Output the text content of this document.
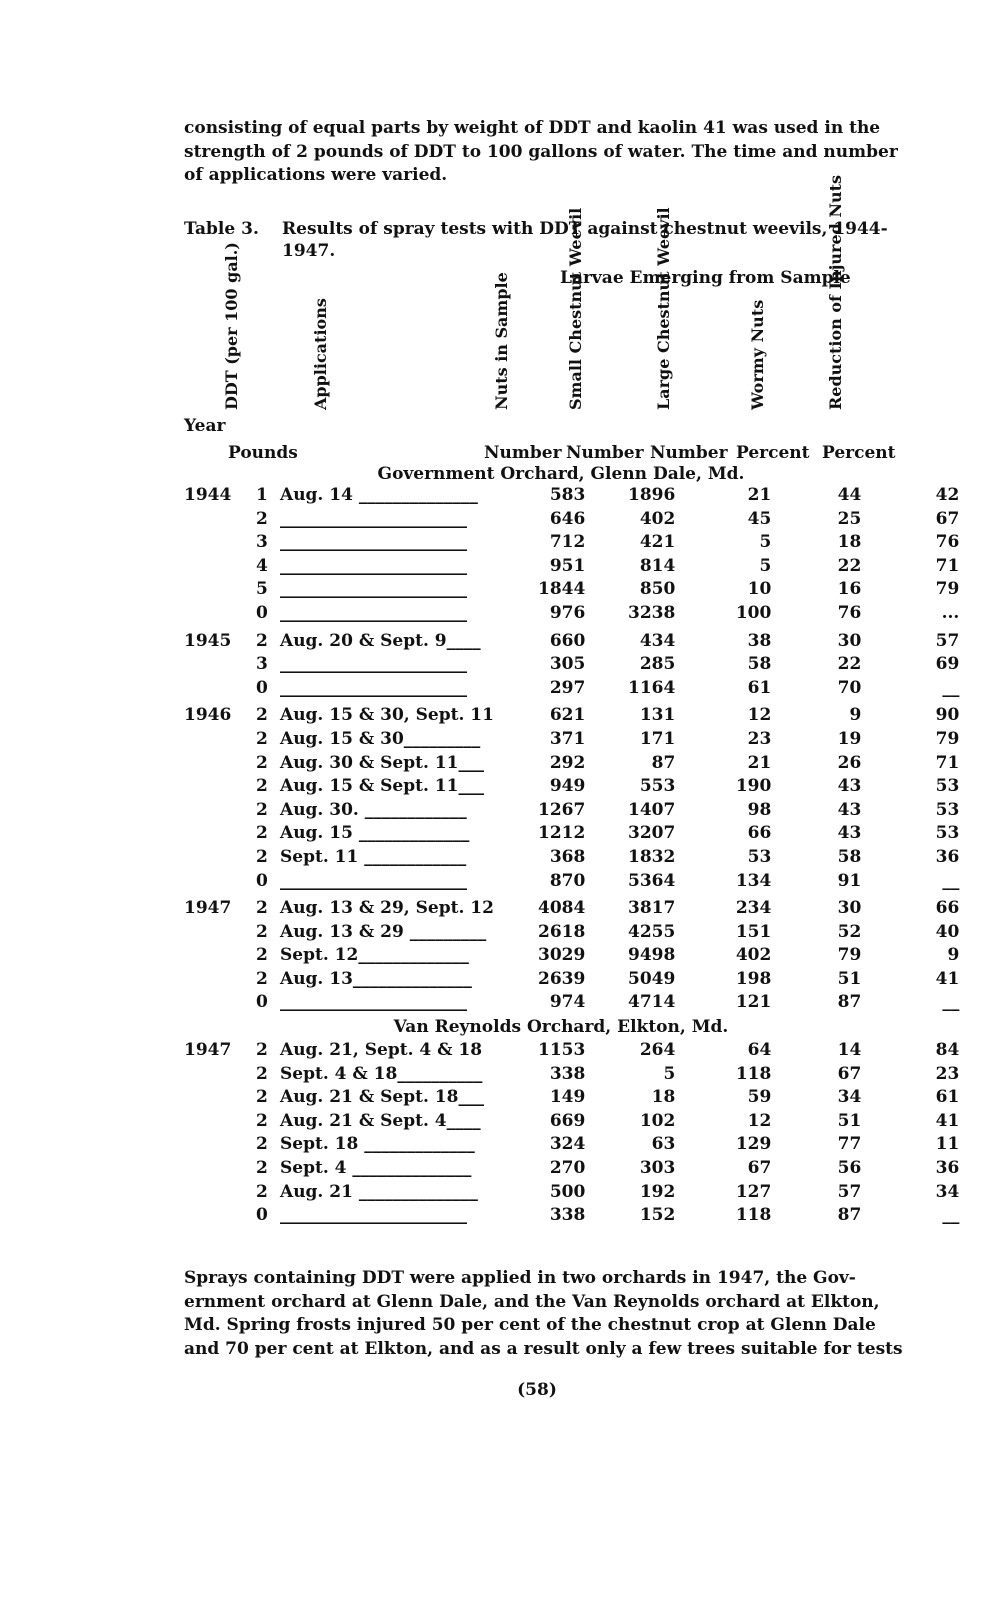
consisting of equal parts by weight of DDT and kaolin 41 was used in the
strength of 2 pounds of DDT to 100 gallons of water. The time and number
of applications were varied.
Table 3. Results of spray tests with DDT against chestnut weevils, 1944-
1947.
Larvae Emerging from Sample
DDT (per 100 gal.)	Applications	Nuts in Sample	Small Chestnut Weevil	Large Chestnut Weevil	Wormy Nuts	Reduction of Injured Nuts
Year
Pounds	Number Number Number Percent Percent
Government Orchard, Glenn Dale, Md.
1944	1	Aug. 14 ______________	583	1896	21	44	42
	2	______________________	646	402	45	25	67
	3	______________________	712	421	5	18	76
	4	______________________	951	814	5	22	71
	5	______________________	1844	850	10	16	79
	0	______________________	976	3238	100	76	...
1945	2	Aug. 20 & Sept. 9____	660	434	38	30	57
	3	______________________	305	285	58	22	69
	0	______________________	297	1164	61	70	__
1946	2	Aug. 15 & 30, Sept. 11	621	131	12	9	90
	2	Aug. 15 & 30_________	371	171	23	19	79
	2	Aug. 30 & Sept. 11___	292	87	21	26	71
	2	Aug. 15 & Sept. 11___	949	553	190	43	53
	2	Aug. 30. ____________	1267	1407	98	43	53
	2	Aug. 15 _____________	1212	3207	66	43	53
	2	Sept. 11 ____________	368	1832	53	58	36
	0	______________________	870	5364	134	91	__
1947	2	Aug. 13 & 29, Sept. 12	4084	3817	234	30	66
	2	Aug. 13 & 29 _________	2618	4255	151	52	40
	2	Sept. 12_____________	3029	9498	402	79	9
	2	Aug. 13______________	2639	5049	198	51	41
	0	______________________	974	4714	121	87	__
Van Reynolds Orchard, Elkton, Md.
1947	2	Aug. 21, Sept. 4 & 18	1153	264	64	14	84
	2	Sept. 4 & 18__________	338	5	118	67	23
	2	Aug. 21 & Sept. 18___	149	18	59	34	61
	2	Aug. 21 & Sept. 4____	669	102	12	51	41
	2	Sept. 18 _____________	324	63	129	77	11
	2	Sept. 4 ______________	270	303	67	56	36
	2	Aug. 21 ______________	500	192	127	57	34
	0	______________________	338	152	118	87	__
Sprays containing DDT were applied in two orchards in 1947, the Gov-
ernment orchard at Glenn Dale, and the Van Reynolds orchard at Elkton,
Md. Spring frosts injured 50 per cent of the chestnut crop at Glenn Dale
and 70 per cent at Elkton, and as a result only a few trees suitable for tests
(58)
